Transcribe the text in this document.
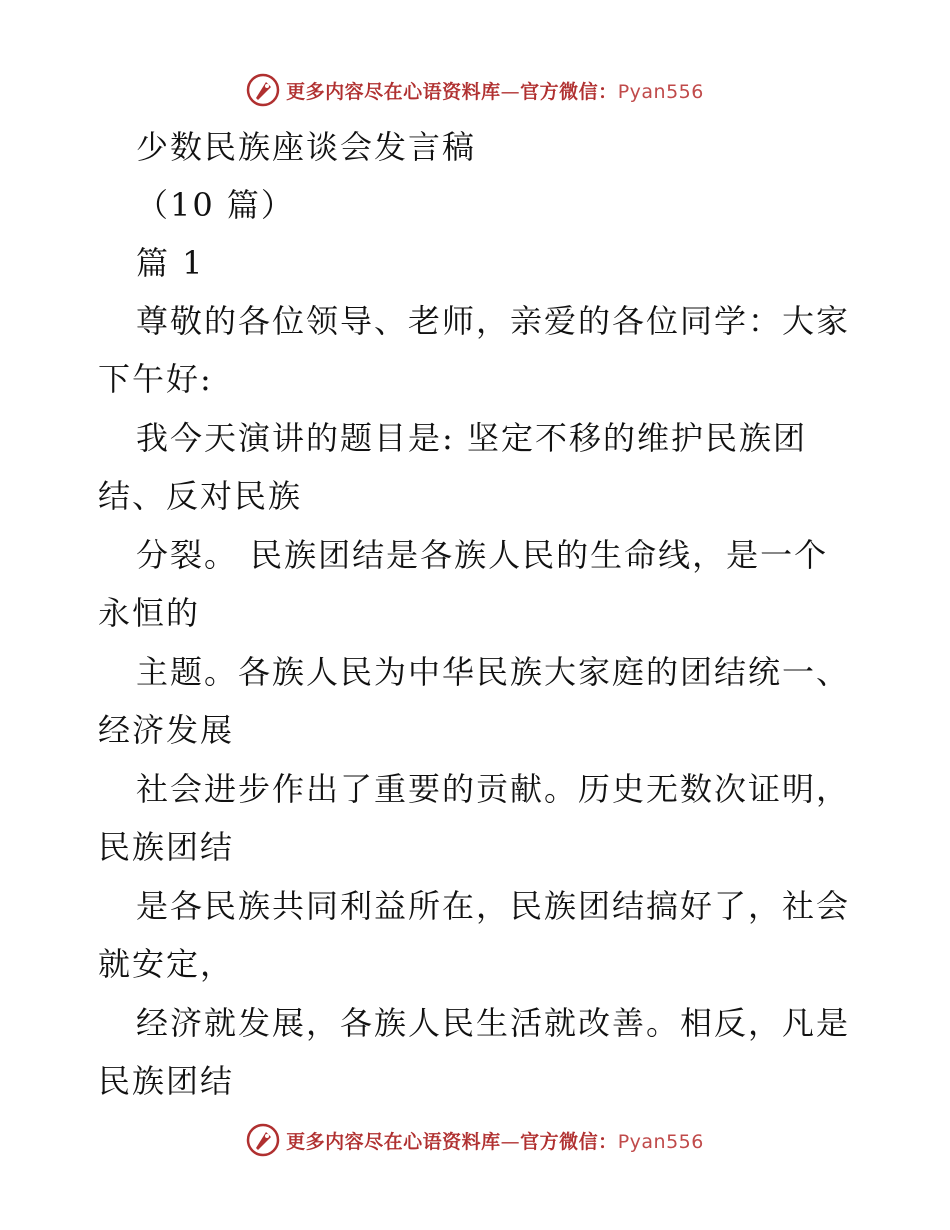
更多内容尽在心语资料库—官方微信：Pyan556
少数民族座谈会发言稿
（10 篇）
篇 1
尊敬的各位领导、老师，亲爱的各位同学：大家
下午好:
我今天演讲的题目是: 坚定不移的维护民族团
结、反对民族
分裂。 民族团结是各族人民的生命线，是一个
永恒的
主题。各族人民为中华民族大家庭的团结统一、
经济发展
社会进步作出了重要的贡献。历史无数次证明，
民族团结
是各民族共同利益所在，民族团结搞好了，社会
就安定，
经济就发展，各族人民生活就改善。相反，凡是
民族团结
更多内容尽在心语资料库—官方微信：Pyan556
